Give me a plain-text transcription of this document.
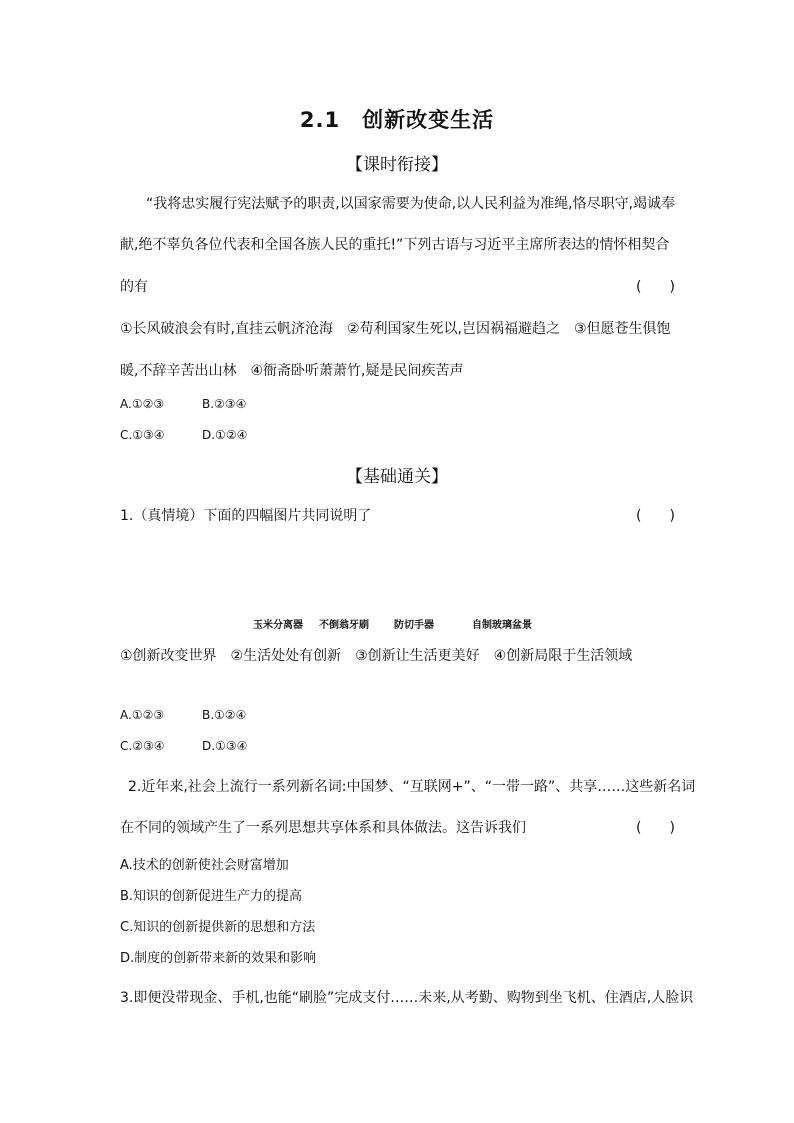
2.1　创新改变生活
【课时衔接】
“我将忠实履行宪法赋予的职责,以国家需要为使命,以人民利益为准绳,恪尽职守,竭诚奉
献,绝不辜负各位代表和全国各族人民的重托!”下列古语与习近平主席所表达的情怀相契合
的有	(　　)
①长风破浪会有时,直挂云帆济沧海　②苟利国家生死以,岂因祸福避趋之　③但愿苍生俱饱
暖,不辞辛苦出山林　④衙斋卧听萧萧竹,疑是民间疾苦声
A.①②③	B.②③④
C.①③④	D.①②④
【基础通关】
1.（真情境）下面的四幅图片共同说明了	(　　)
玉米分离器 不倒翁牙刷	防切手器	自制玻璃盆景
①创新改变世界　②生活处处有创新　③创新让生活更美好　④创新局限于生活领域
A.①②③	B.①②④
C.②③④	D.①③④
2.近年来,社会上流行一系列新名词:中国梦、“互联网+”、“一带一路”、共享……这些新名词
在不同的领域产生了一系列思想共享体系和具体做法。这告诉我们	(　　)
A.技术的创新使社会财富增加
B.知识的创新促进生产力的提高
C.知识的创新提供新的思想和方法
D.制度的创新带来新的效果和影响
3.即便没带现金、手机,也能“刷脸”完成支付……未来,从考勤、购物到坐飞机、住酒店,人脸识
